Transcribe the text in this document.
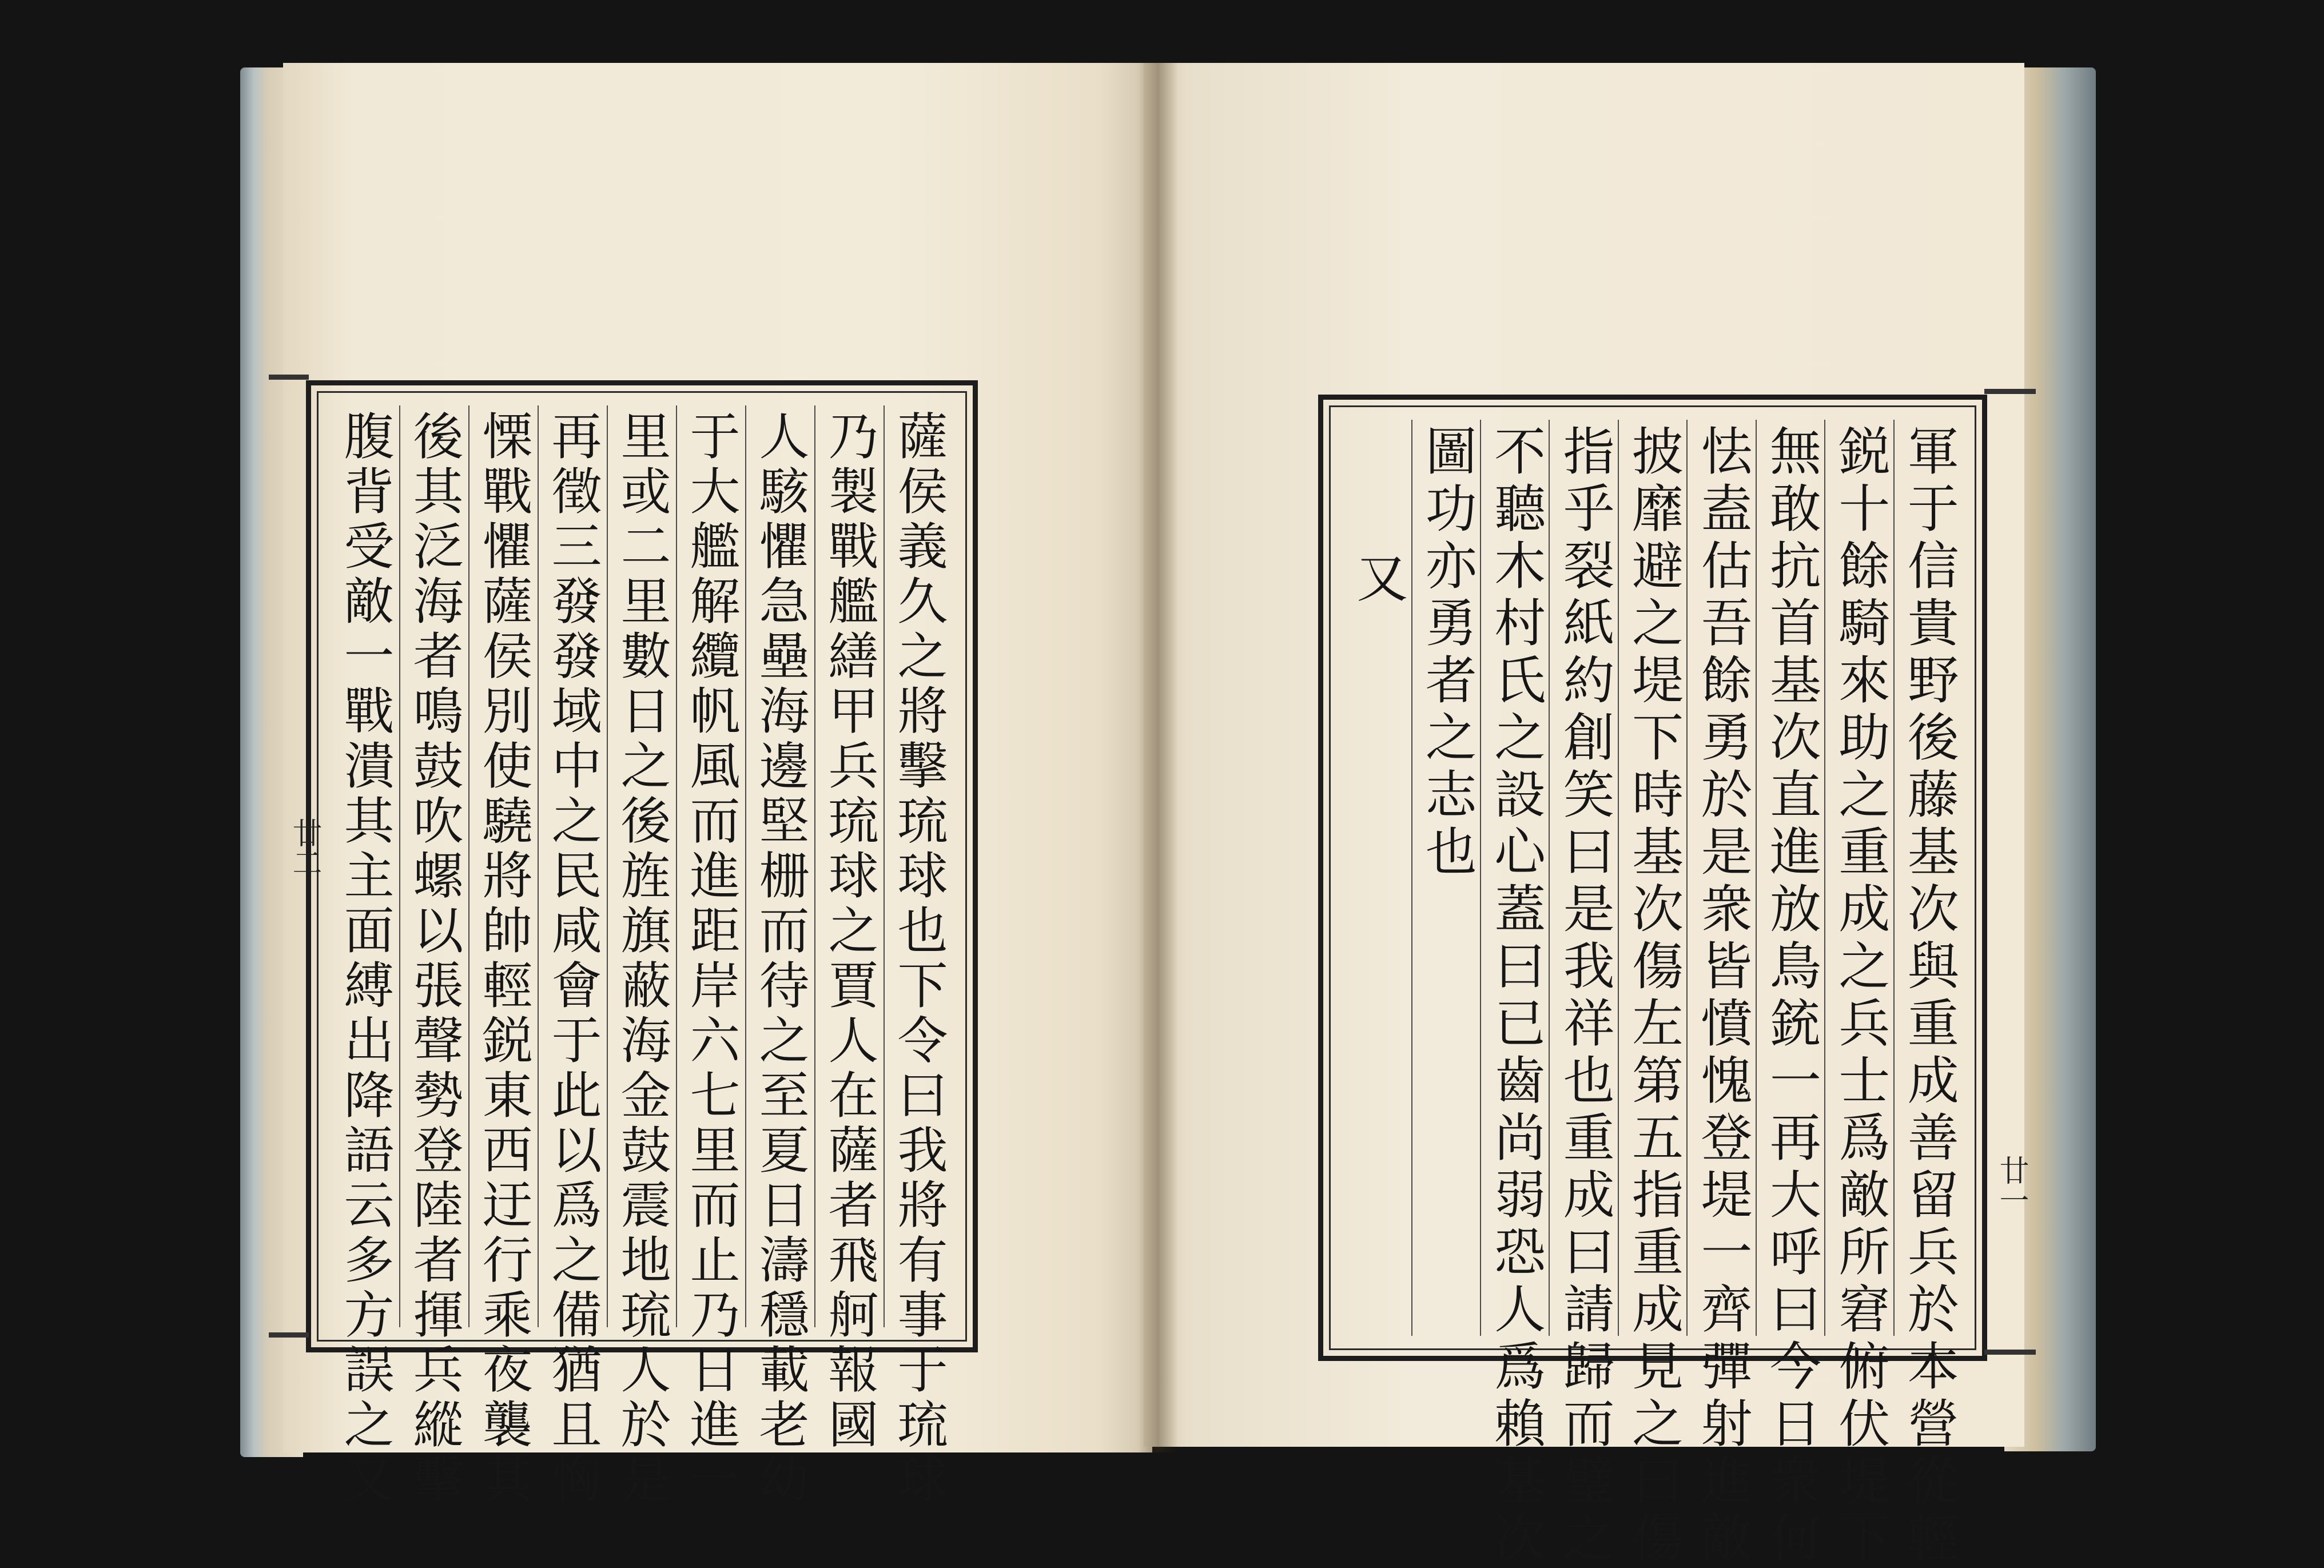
薩侯義久之將擊琉球也下令曰我將有事于琉球
乃製戰艦繕甲兵琉球之賈人在薩者飛舸報國
人駭懼急壘海邊堅栅而待之至夏日濤穩載老幼
于大艦解纜帆風而進距岸六七里而止乃日進一
里或二里數日之後旌旗蔽海金鼓震地琉人於是
再徵三發發域中之民咸會于此以爲之備猶且恟
慄戰懼薩侯別使驍將帥輕鋭東西迂行乘夜襲其
後其泛海者鳴鼓吹螺以張聲勢登陸者揮兵縱擊
腹背受敵一戰潰其主面縛出降語云多方誤之又
廿二	軍于信貴野後藤基次與重成善留兵於本營從輕
鋭十餘騎來助之重成之兵士爲敵所窘俯伏堤下
無敢抗首基次直進放鳥銃一再大呼曰今日衆何
怯盍估吾餘勇於是衆皆憤愧登堤一齊彈射進敵
披靡避之堤下時基次傷左第五指重成見之曰傷
指乎裂紙約創笑曰是我祥也重成曰請歸而璧之
不聽木村氏之設心蓋曰已齒尚弱恐人爲賴基次
圖功亦勇者之志也
又
廿一
